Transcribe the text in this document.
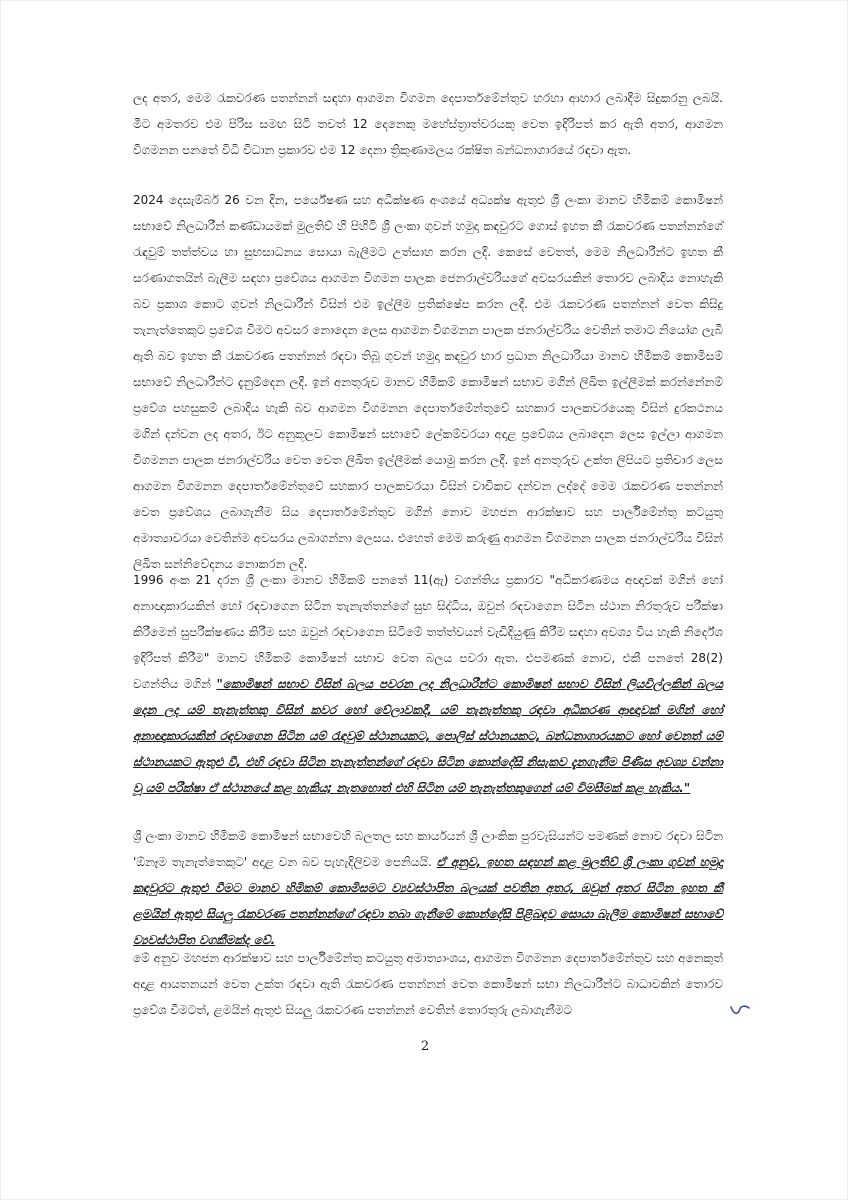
ලද අතර, මෙම රැකවරණ පතන්නන් සඳහා ආගමන විගමන දෙපාර්තමේන්තුව හරහා ආහාර ලබාදීම සිදුකරනු ලබයි. මීට අමතරව එම පිරිස සමඟ සිටි තවත් 12 දෙනෙකු මහේස්ත්‍රාත්වරයකු වෙත ඉදිරිපත් කර ඇති අතර, ආගමන විගමනන පනතේ විධි විධාන ප්‍රකාරව එම 12 දෙනා ත්‍රිකුණාමලය රක්ෂිත බන්ධනාගාරයේ රඳවා ඇත.

2024 දෙසැම්බර් 26 වන දින, පර්යේෂණ සහ අධීක්ෂණ අංශයේ අධ්‍යක්ෂ ඇතුළු ශ්‍රී ලංකා මානව හිමිකම් කොමිෂන් සභාවේ නිලධාරීන් කණ්ඩායමක් මුලතිව් හි පිහිටි ශ්‍රී ලංකා ගුවන් හමුදා කඳවුරට ගොස් ඉහත කී රැකවරණ පතන්නන්ගේ රැඳවුම් තත්ත්වය හා සුභසාධනය සොයා බැලීමට උත්සාහ කරන ලදී. කෙසේ වෙතත්, මෙම නිලධාරීන්ට ඉහත කී සරණාගතයින් බැලීම සඳහා ප්‍රවේශය ආගමන විගමන පාලක ජෙනරාල්වරියගේ අවසරයකින් තොරව ලබාදිය නොහැකි බව ප්‍රකාශ කොට ගුවන් නිලධාරීන් විසින් එම ඉල්ලීම ප්‍රතික්ෂේප කරන ලදී. එම රැකවරණ පතන්නන් වෙත කිසිදු තැනැත්තෙකුට ප්‍රවේශ වීමට අවසර නොදෙන ලෙස ආගමන විගමනන පාලක ජනරාල්වරිය වෙතින් තමාට නියෝග ලැබී ඇති බව ඉහත කී රැකවරණ පතන්නන් රඳවා තිබූ ගුවන් හමුදා කඳවුර භාර ප්‍රධාන නිලධාරියා මානව හිමිකම් කොමිසම් සභාවේ නිලධාරීන්ට දැනුම්දෙන ලදී. ඉන් අනතුරුව මානව හිමිකම් කොමිෂන් සභාව මගින් ලිඛිත ඉල්ලීමක් කරන්නේනම් ප්‍රවේශ පහසුකම් ලබාදිය හැකි බව ආගමන විගමනන දෙපාර්තමේන්තුවේ සහකාර පාලකවරයෙකු විසින් දුරකථනය මගින් දන්වන ලද අතර, ඊට අනුකූලව කොමිෂන් සභාවේ ලේකම්වරයා අදාළ ප්‍රවේශය ලබාදෙන ලෙස ඉල්ලා ආගමන විගමනන පාලක ජනරාල්වරිය වෙත වෙත ලිඛිත ඉල්ලීමක් යොමු කරන ලදී. ඉන් අනතුරුව උක්ත ලිපියට ප්‍රතිචාර ලෙස ආගමන විගමනන දෙපාර්තමේන්තුවේ සහකාර පාලකවරයා විසින් වාචිකව දන්වන ලද්දේ මෙම රැකවරණ පතන්නන් වෙත ප්‍රවේශය ලබාගැනීම සිය දෙපාර්තමේන්තුව මගින් නොව මහජන ආරක්ෂාව සහ පාර්ලිමේන්තු කටයුතු අමාත්‍යාවරයා වෙතින්ම අවසරය ලබාගන්නා ලෙසය. එහෙත් මෙම කරුණු ආගමන විගමනන පාලක ජනරාල්වරිය විසින් ලිඛිත සන්නිවේදනය නොකරන ලදී.

1996 අංක 21 දරන ශ්‍රී ලංකා මානව හිමිකම් පනතේ 11(ඇ) වගන්තිය ප්‍රකාරව "අධිකරණමය අඥාවක් මගින් හෝ අනාඥාකාරයකින් හෝ රඳවාගෙන සිටින තැනැත්තන්ගේ සුභ සිද්ධිය, ඔවුන් රඳවාගෙන සිටින ස්ථාන නිරතුරුව පරීක්ෂා කිරීමෙන් සුපරීක්ෂණය කිරීම සහ ඔවුන් රඳවාගෙන සිටීමේ තත්ත්වයන් වැඩිදියුණු කිරීම සඳහා අවශ්‍ය විය හැකි නිර්දේශ ඉදිරිපත් කිරීම" මානව හිමිකම් කොමිෂන් සභාව වෙත බලය පවරා ඇත. එපමණක් නොව, එකී පනතේ 28(2) වගන්තිය මගින් "කොමිෂන් සභාව විසින් බලය පවරන ලද නිලධාරීන්ට කොමිෂන් සභාව විසින් ලියවිල්ලකින් බලය දෙන ලද යම් තැනැත්තකු විසින් කවර හෝ වේලාවකදී, යම් තැනැත්තකු රඳවා අධිකරණ ආඥාවක් මගින් හෝ අනාඥාකාරයකින් රඳවාගෙන සිටින යම් රැඳවුම් ස්ථානයකට, පොලිස් ස්ථානයකට, බන්ධනාගාරයකට හෝ වෙනත් යම් ස්ථානයකට ඇතුළු වී, එහි රඳවා සිටින තැනැත්තන්ගේ රඳවා සිටින කොන්දේසි නිසැකව දැනගැනීම පිණිස අවශ්‍ය වන්නා වූ යම් පරීක්ෂා ඒ ස්ථානයේ කළ හැකිය; නැතහොත් එහි සිටින යම් තැනැත්තකුගෙන් යම් විමසීමක් කළ හැකිය."

ශ්‍රී ලංකා මානව හිමිකම් කොමිෂන් සභාවෙහි බලතල සහ කාර්යයන් ශ්‍රී ලාංකික පුරවැසියන්ට පමණක් නොව රඳවා සිටින 'ඕනෑම තැනැත්තෙකුට' අදාළ වන බව පැහැදිලිවම පෙනියයි. ඒ අනුව, ඉහත සඳහන් කළ මුලතිව් ශ්‍රී ලංකා ගුවන් හමුදා කඳවුරට ඇතුළු වීමට මානව හිමිකම් කොමිසමට ව්‍යවස්ථාපිත බලයක් පවතින අතර, ඔවුන් අතර සිටින ඉහත කී ළමයින් ඇතුළු සියලු රැකවරණ පතන්නන්ගේ රඳවා තබා ගැනීමේ කොන්දේසි පිළිබඳව සොයා බැලීම කොමිෂන් සභාවේ ව්‍යවස්ථාපිත වගකීමක්ද වේ.

මේ අනුව මහජන ආරක්ෂාව සහ පාර්ලිමේන්තු කටයුතු අමාත්‍යාංශය, ආගමන විගමනන දෙපාර්තමේන්තුව සහ අනෙකුත් අදාළ ආයතනයන් වෙත උක්ත රඳවා ඇති රැකවරණ පතන්නන් වෙත කොමිෂන් සභා නිලධාරීන්ට බාධාවකින් තොරව ප්‍රවේශ වීමටත්, ළමයින් ඇතුළු සියලු රැකවරණ පතන්නන් වෙතින් තොරතුරු ලබාගැනීමට

2
